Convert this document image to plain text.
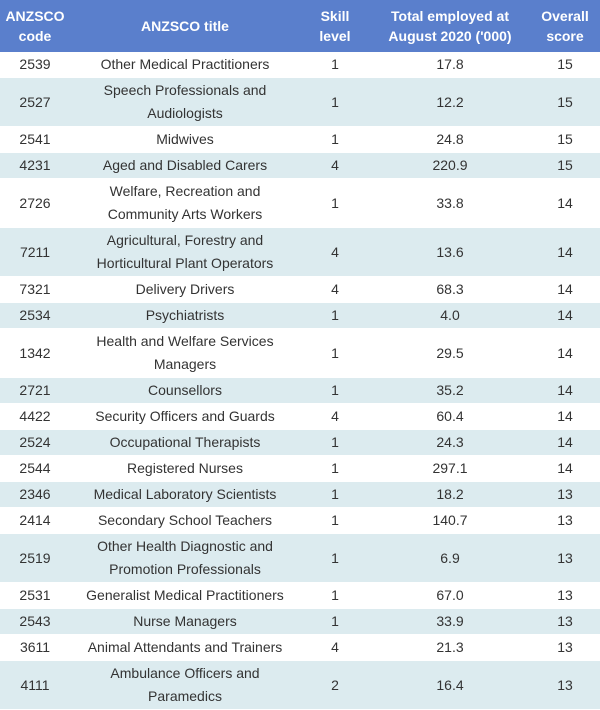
ANZSCO code	ANZSCO title	Skill level	Total employed at August 2020 ('000)	Overall score
2539	Other Medical Practitioners	1	17.8	15
2527	Speech Professionals and Audiologists	1	12.2	15
2541	Midwives	1	24.8	15
4231	Aged and Disabled Carers	4	220.9	15
2726	Welfare, Recreation and Community Arts Workers	1	33.8	14
7211	Agricultural, Forestry and Horticultural Plant Operators	4	13.6	14
7321	Delivery Drivers	4	68.3	14
2534	Psychiatrists	1	4.0	14
1342	Health and Welfare Services Managers	1	29.5	14
2721	Counsellors	1	35.2	14
4422	Security Officers and Guards	4	60.4	14
2524	Occupational Therapists	1	24.3	14
2544	Registered Nurses	1	297.1	14
2346	Medical Laboratory Scientists	1	18.2	13
2414	Secondary School Teachers	1	140.7	13
2519	Other Health Diagnostic and Promotion Professionals	1	6.9	13
2531	Generalist Medical Practitioners	1	67.0	13
2543	Nurse Managers	1	33.9	13
3611	Animal Attendants and Trainers	4	21.3	13
4111	Ambulance Officers and Paramedics	2	16.4	13
